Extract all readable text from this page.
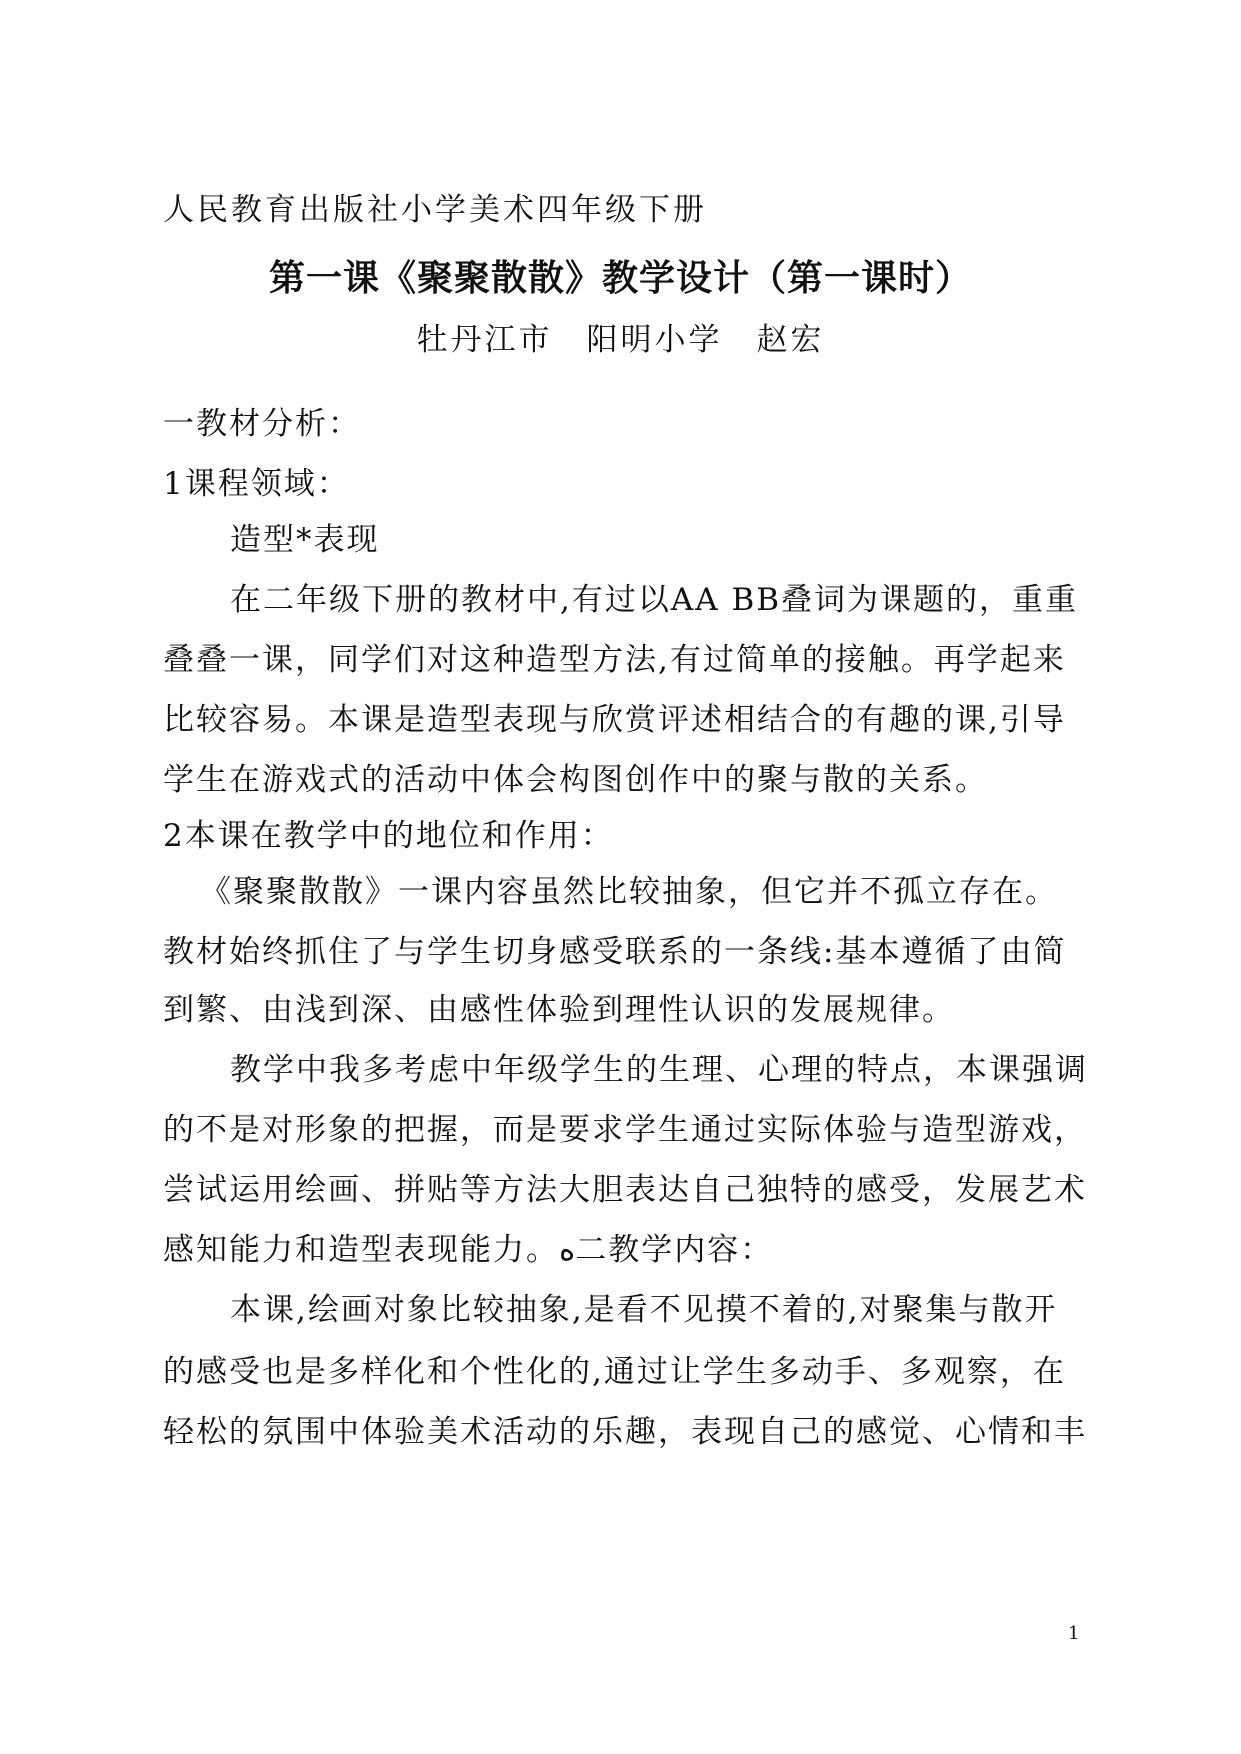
人民教育出版社小学美术四年级下册
第一课《聚聚散散》教学设计（第一课时）
牡丹江市　阳明小学　赵宏
一教材分析：
1课程领域：
造型*表现
在二年级下册的教材中,有过以AA BB叠词为课题的，重重
叠叠一课，同学们对这种造型方法,有过简单的接触。再学起来
比较容易。本课是造型表现与欣赏评述相结合的有趣的课,引导
学生在游戏式的活动中体会构图创作中的聚与散的关系。
2本课在教学中的地位和作用：
《聚聚散散》一课内容虽然比较抽象，但它并不孤立存在。
教材始终抓住了与学生切身感受联系的一条线:基本遵循了由简
到繁、由浅到深、由感性体验到理性认识的发展规律。
教学中我多考虑中年级学生的生理、心理的特点，本课强调
的不是对形象的把握，而是要求学生通过实际体验与造型游戏，
尝试运用绘画、拼贴等方法大胆表达自己独特的感受，发展艺术
感知能力和造型表现能力。ﻩ二教学内容：
本课,绘画对象比较抽象,是看不见摸不着的,对聚集与散开
的感受也是多样化和个性化的,通过让学生多动手、多观察，在
轻松的氛围中体验美术活动的乐趣，表现自己的感觉、心情和丰
1
